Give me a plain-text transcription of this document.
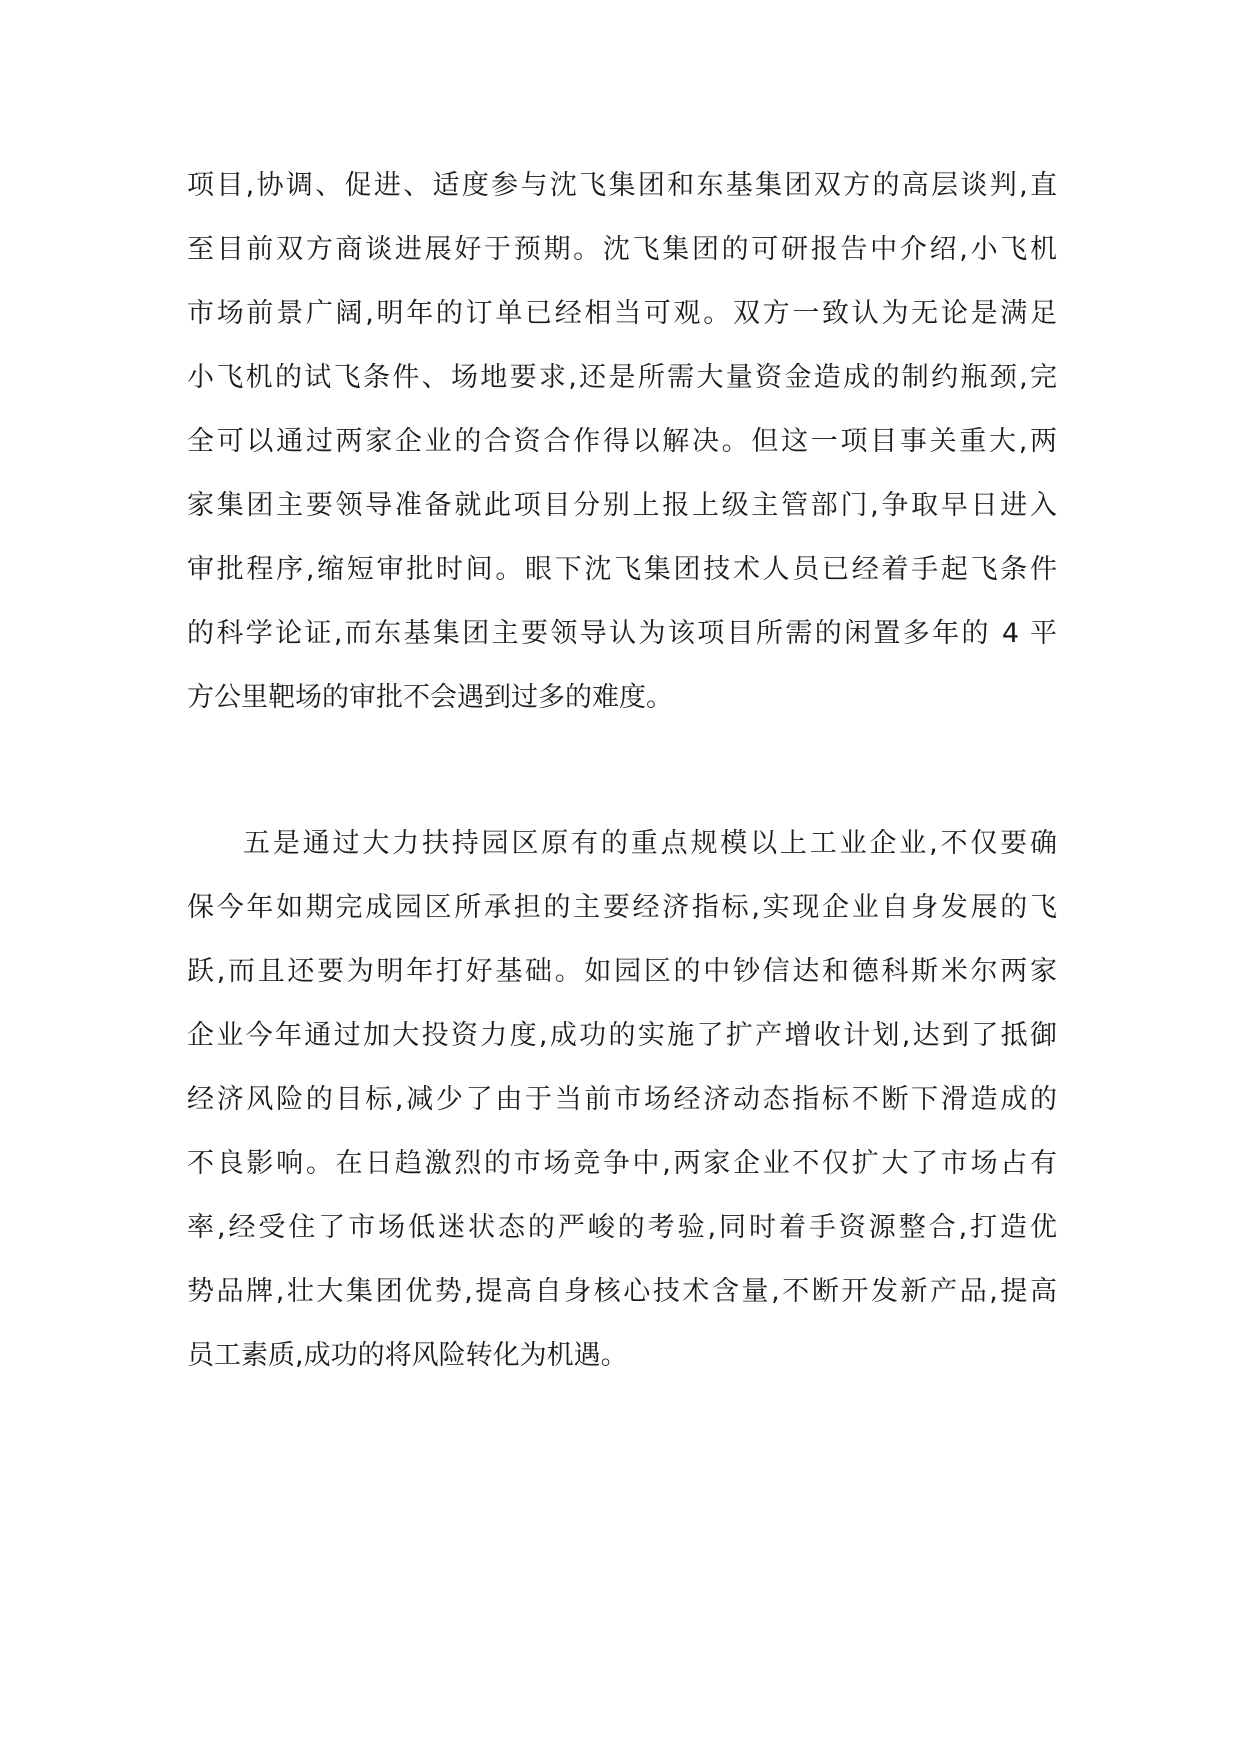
项目,协调、促进、适度参与沈飞集团和东基集团双方的高层谈判,直
至目前双方商谈进展好于预期。沈飞集团的可研报告中介绍,小飞机
市场前景广阔,明年的订单已经相当可观。双方一致认为无论是满足
小飞机的试飞条件、场地要求,还是所需大量资金造成的制约瓶颈,完
全可以通过两家企业的合资合作得以解决。但这一项目事关重大,两
家集团主要领导准备就此项目分别上报上级主管部门,争取早日进入
审批程序,缩短审批时间。眼下沈飞集团技术人员已经着手起飞条件
的科学论证,而东基集团主要领导认为该项目所需的闲置多年的 4 平
方公里靶场的审批不会遇到过多的难度。
五是通过大力扶持园区原有的重点规模以上工业企业,不仅要确
保今年如期完成园区所承担的主要经济指标,实现企业自身发展的飞
跃,而且还要为明年打好基础。如园区的中钞信达和德科斯米尔两家
企业今年通过加大投资力度,成功的实施了扩产增收计划,达到了抵御
经济风险的目标,减少了由于当前市场经济动态指标不断下滑造成的
不良影响。在日趋激烈的市场竞争中,两家企业不仅扩大了市场占有
率,经受住了市场低迷状态的严峻的考验,同时着手资源整合,打造优
势品牌,壮大集团优势,提高自身核心技术含量,不断开发新产品,提高
员工素质,成功的将风险转化为机遇。
